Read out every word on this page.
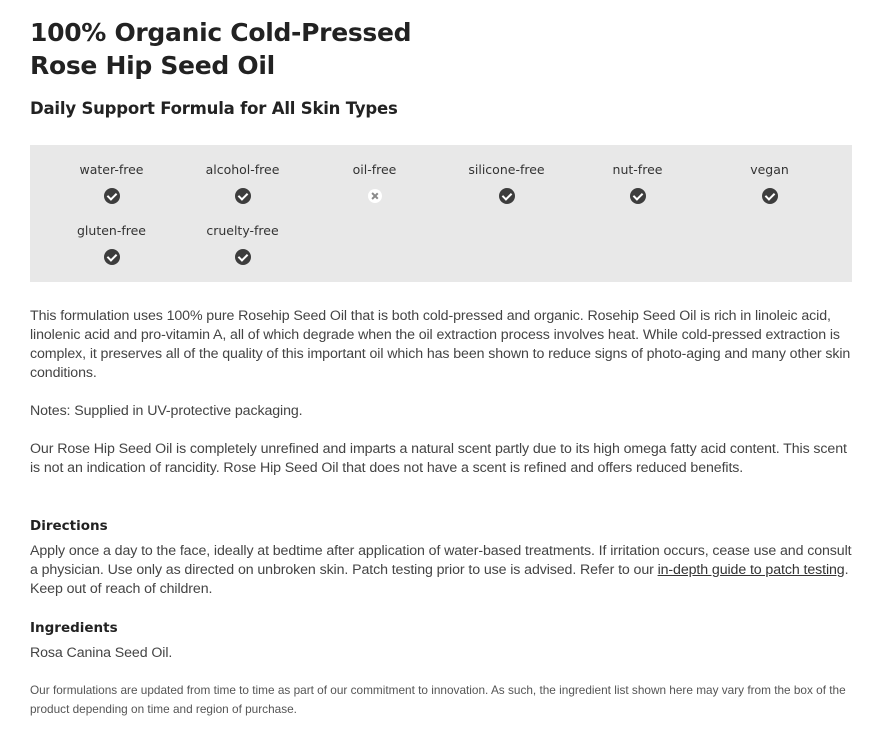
100% Organic Cold-Pressed
Rose Hip Seed Oil
Daily Support Formula for All Skin Types
water-free	alcohol-free	oil-free	silicone-free	nut-free	vegan
gluten-free	cruelty-free

This formulation uses 100% pure Rosehip Seed Oil that is both cold-pressed and organic. Rosehip Seed Oil is rich in linoleic acid, linolenic acid and pro-vitamin A, all of which degrade when the oil extraction process involves heat. While cold-pressed extraction is complex, it preserves all of the quality of this important oil which has been shown to reduce signs of photo-aging and many other skin conditions.

Notes: Supplied in UV-protective packaging.

Our Rose Hip Seed Oil is completely unrefined and imparts a natural scent partly due to its high omega fatty acid content. This scent is not an indication of rancidity. Rose Hip Seed Oil that does not have a scent is refined and offers reduced benefits.

Directions

Apply once a day to the face, ideally at bedtime after application of water-based treatments. If irritation occurs, cease use and consult a physician. Use only as directed on unbroken skin. Patch testing prior to use is advised. Refer to our in-depth guide to patch testing. Keep out of reach of children.

Ingredients

Rosa Canina Seed Oil.

Our formulations are updated from time to time as part of our commitment to innovation. As such, the ingredient list shown here may vary from the box of the product depending on time and region of purchase.
